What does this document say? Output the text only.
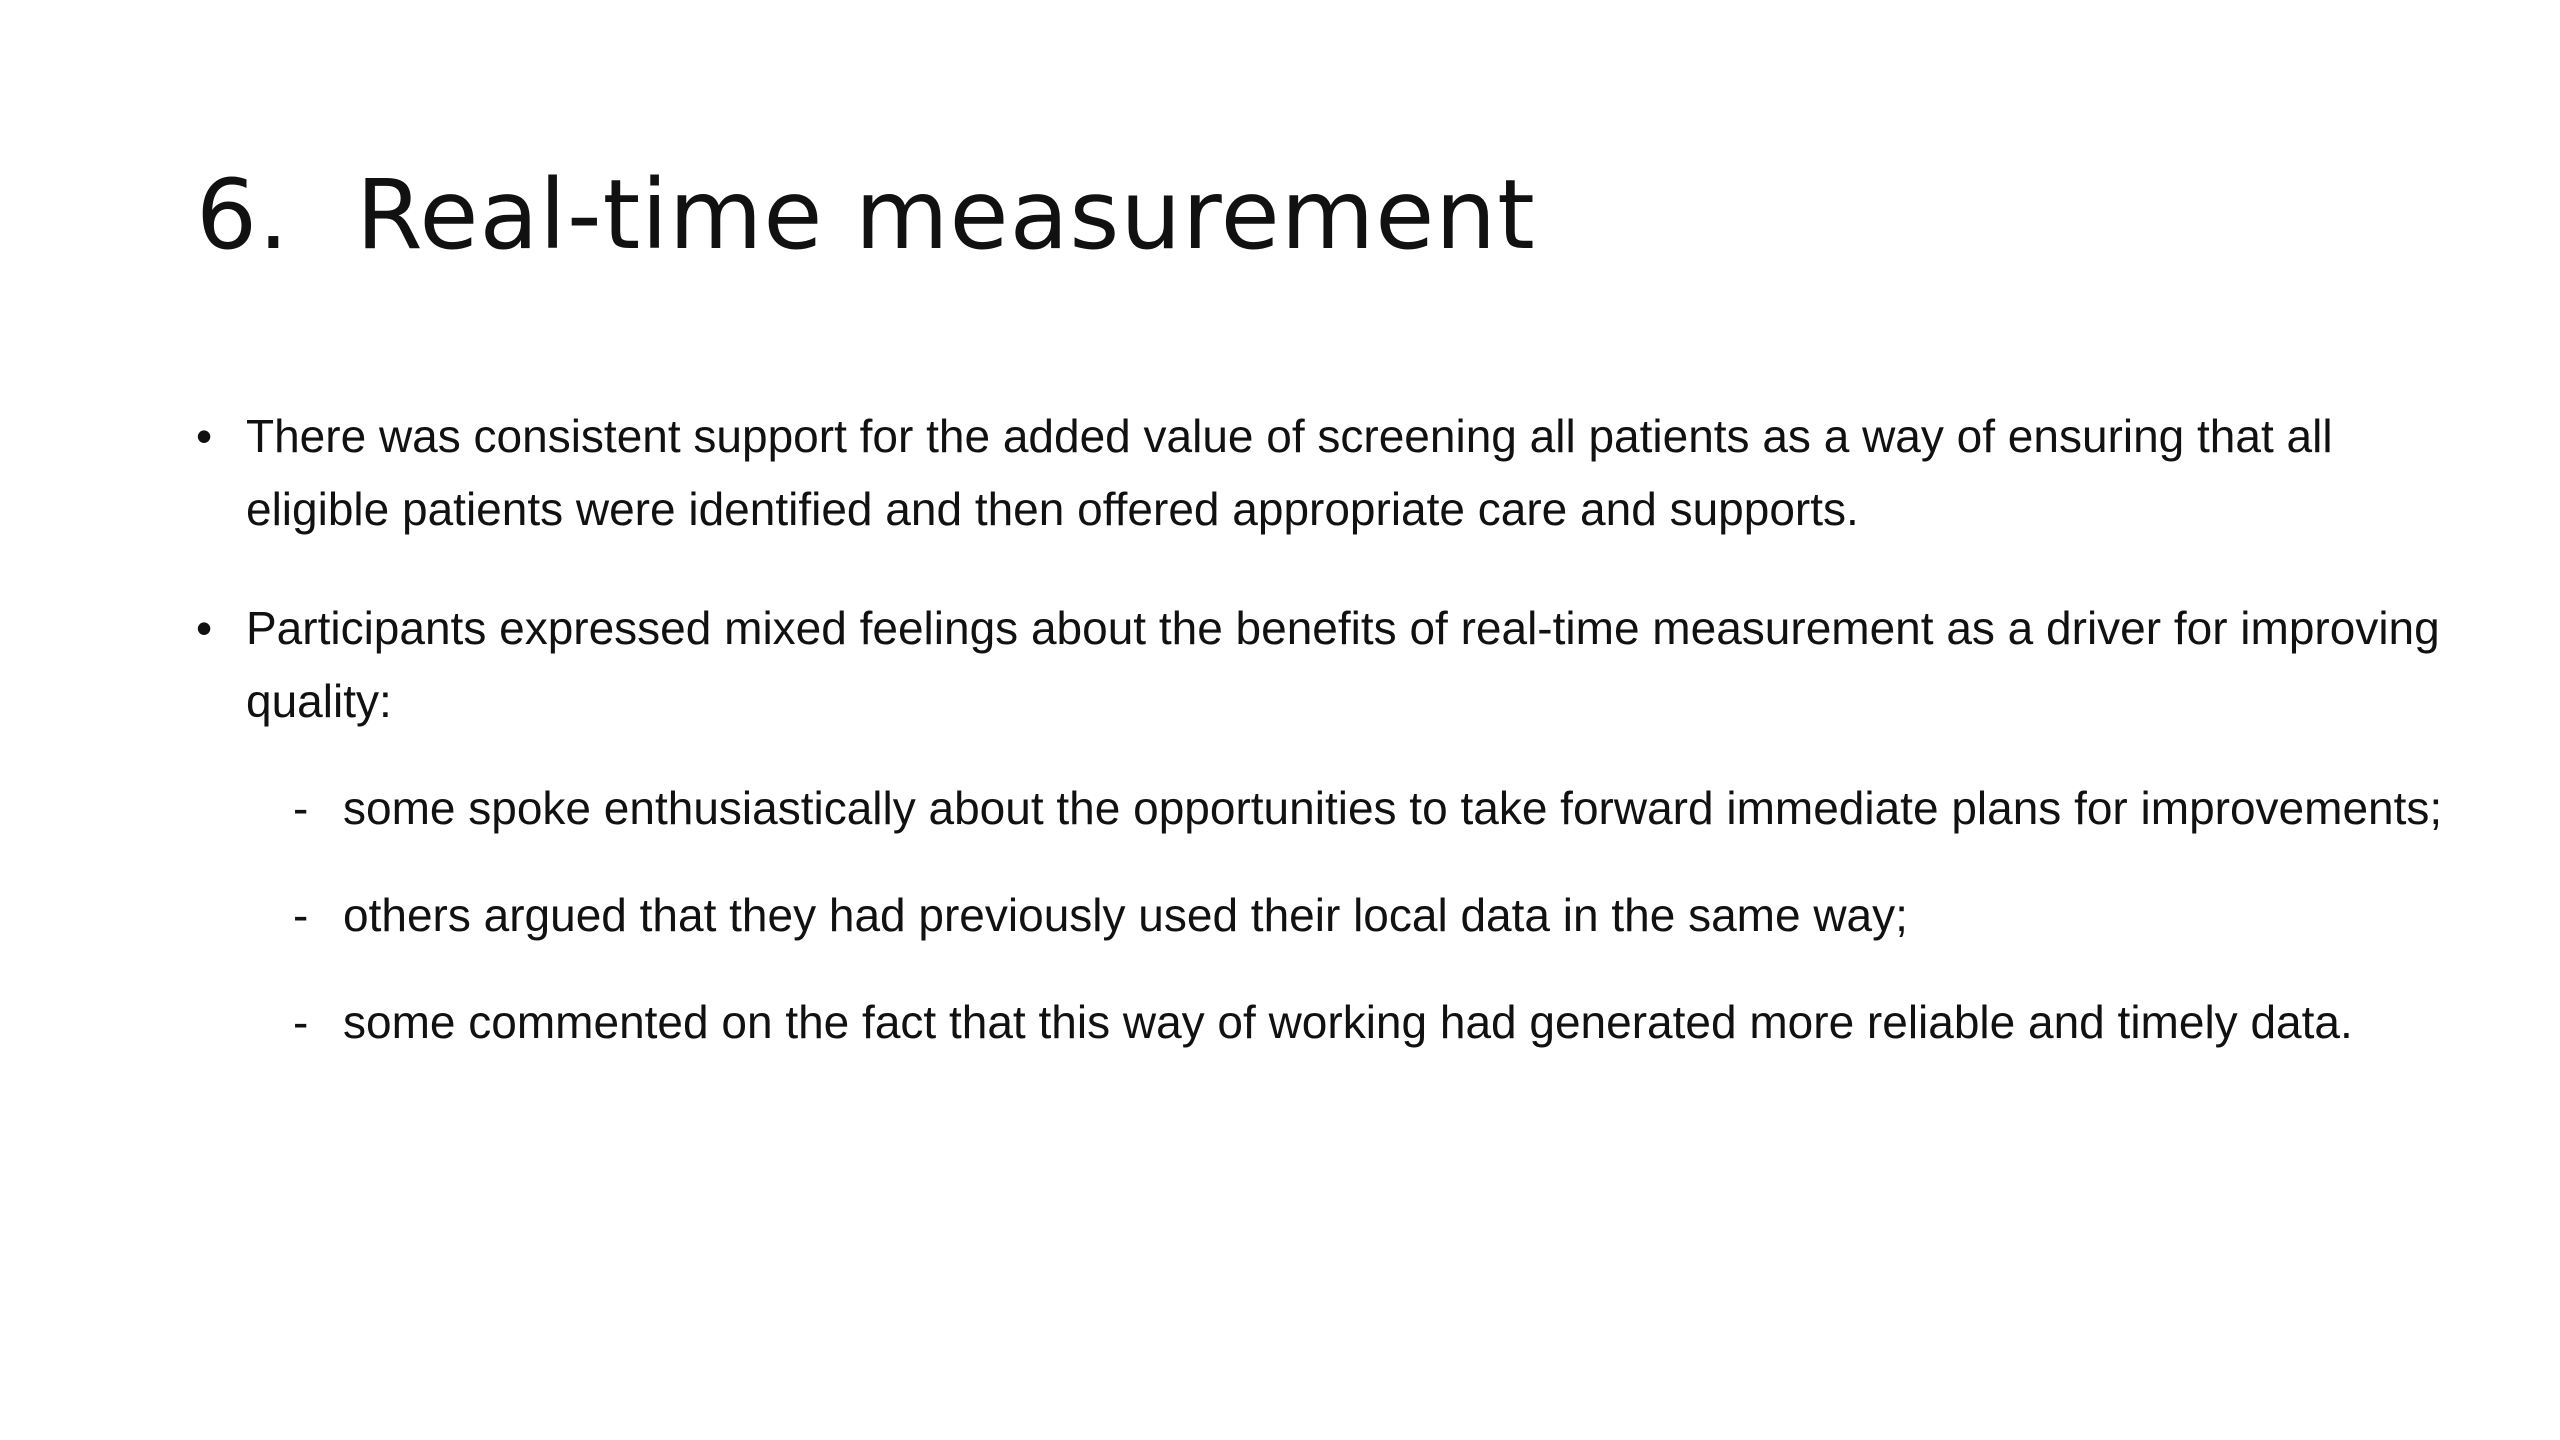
6. Real-time measurement
• There was consistent support for the added value of screening all patients as a way of ensuring that all eligible patients were identified and then offered appropriate care and supports.
• Participants expressed mixed feelings about the benefits of real-time measurement as a driver for improving quality:
- some spoke enthusiastically about the opportunities to take forward immediate plans for improvements;
- others argued that they had previously used their local data in the same way;
- some commented on the fact that this way of working had generated more reliable and timely data.
